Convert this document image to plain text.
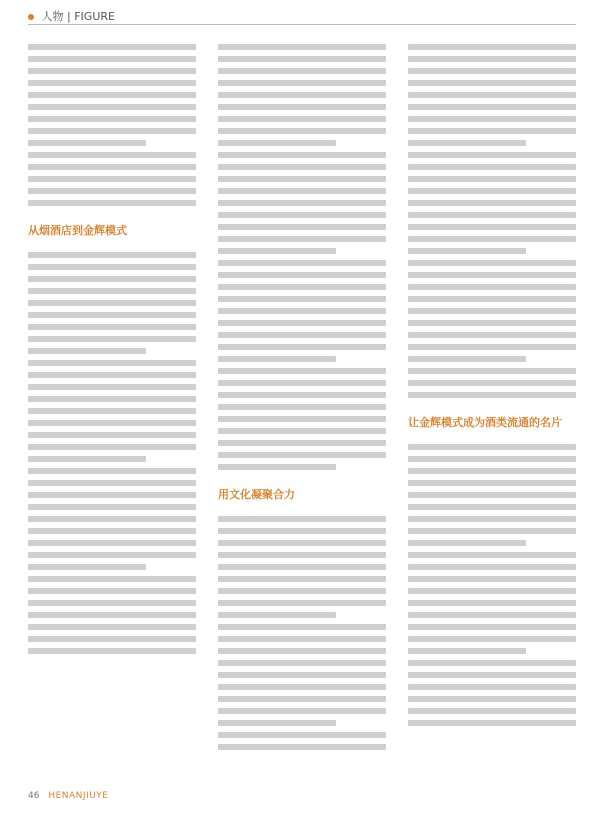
人物 | FIGURE
从烟酒店到金辉模式
用文化凝聚合力
让金辉模式成为酒类流通的名片
46 HENANJIUYE
